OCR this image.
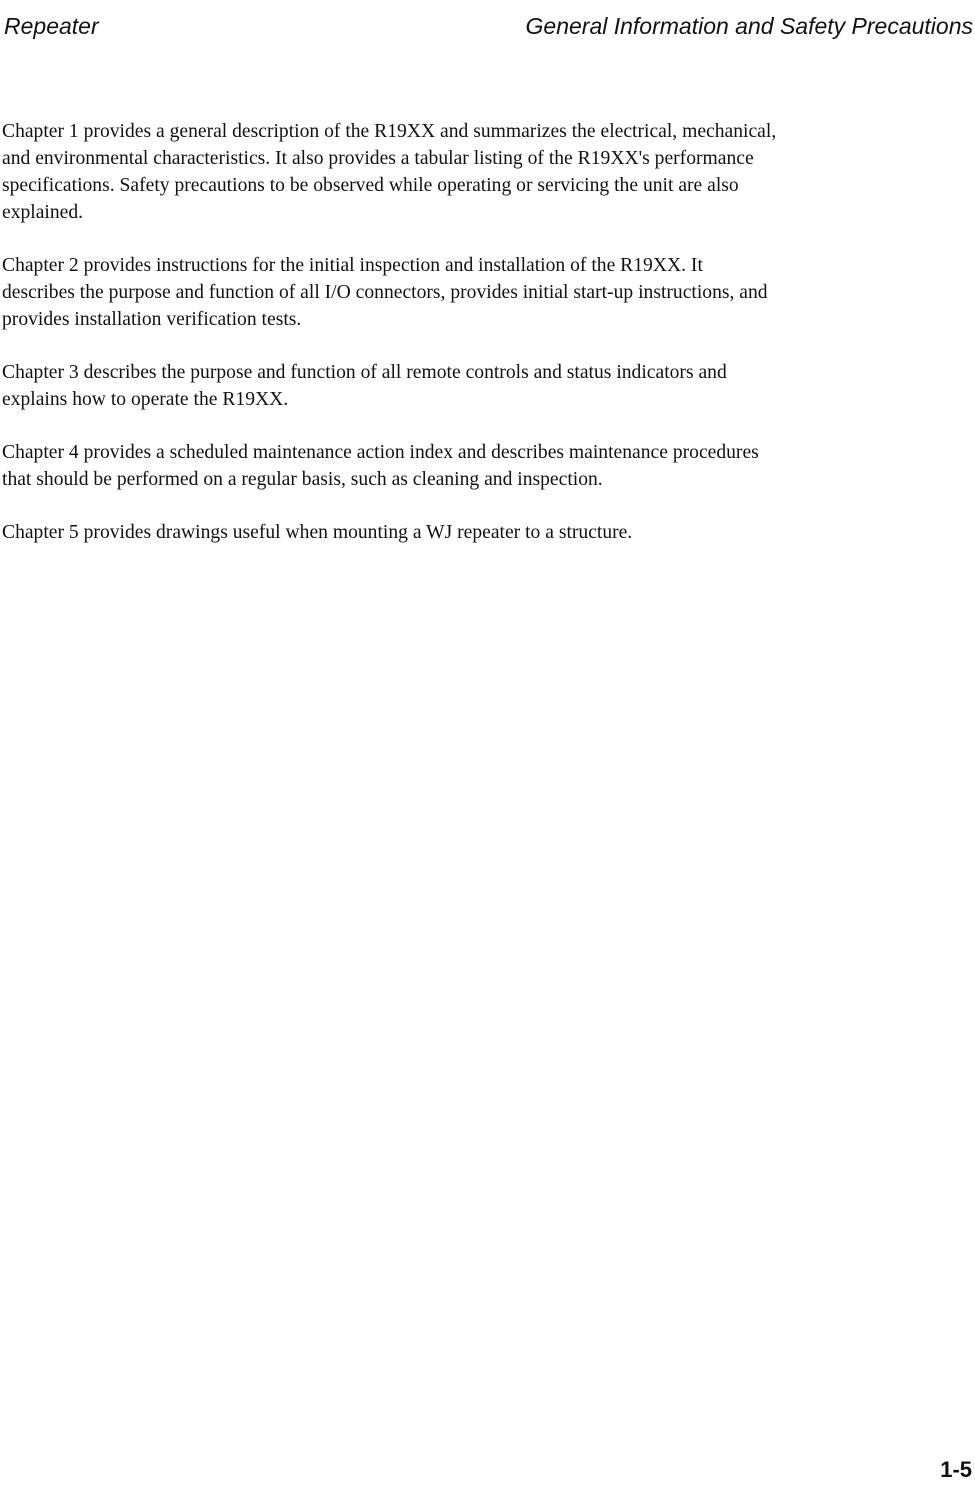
Repeater	General Information and Safety Precautions

Chapter 1 provides a general description of the R19XX and summarizes the electrical, mechanical,
and environmental characteristics. It also provides a tabular listing of the R19XX's performance
specifications. Safety precautions to be observed while operating or servicing the unit are also
explained.

Chapter 2 provides instructions for the initial inspection and installation of the R19XX. It
describes the purpose and function of all I/O connectors, provides initial start-up instructions, and
provides installation verification tests.

Chapter 3 describes the purpose and function of all remote controls and status indicators and
explains how to operate the R19XX.

Chapter 4 provides a scheduled maintenance action index and describes maintenance procedures
that should be performed on a regular basis, such as cleaning and inspection.

Chapter 5 provides drawings useful when mounting a WJ repeater to a structure.

1-5
